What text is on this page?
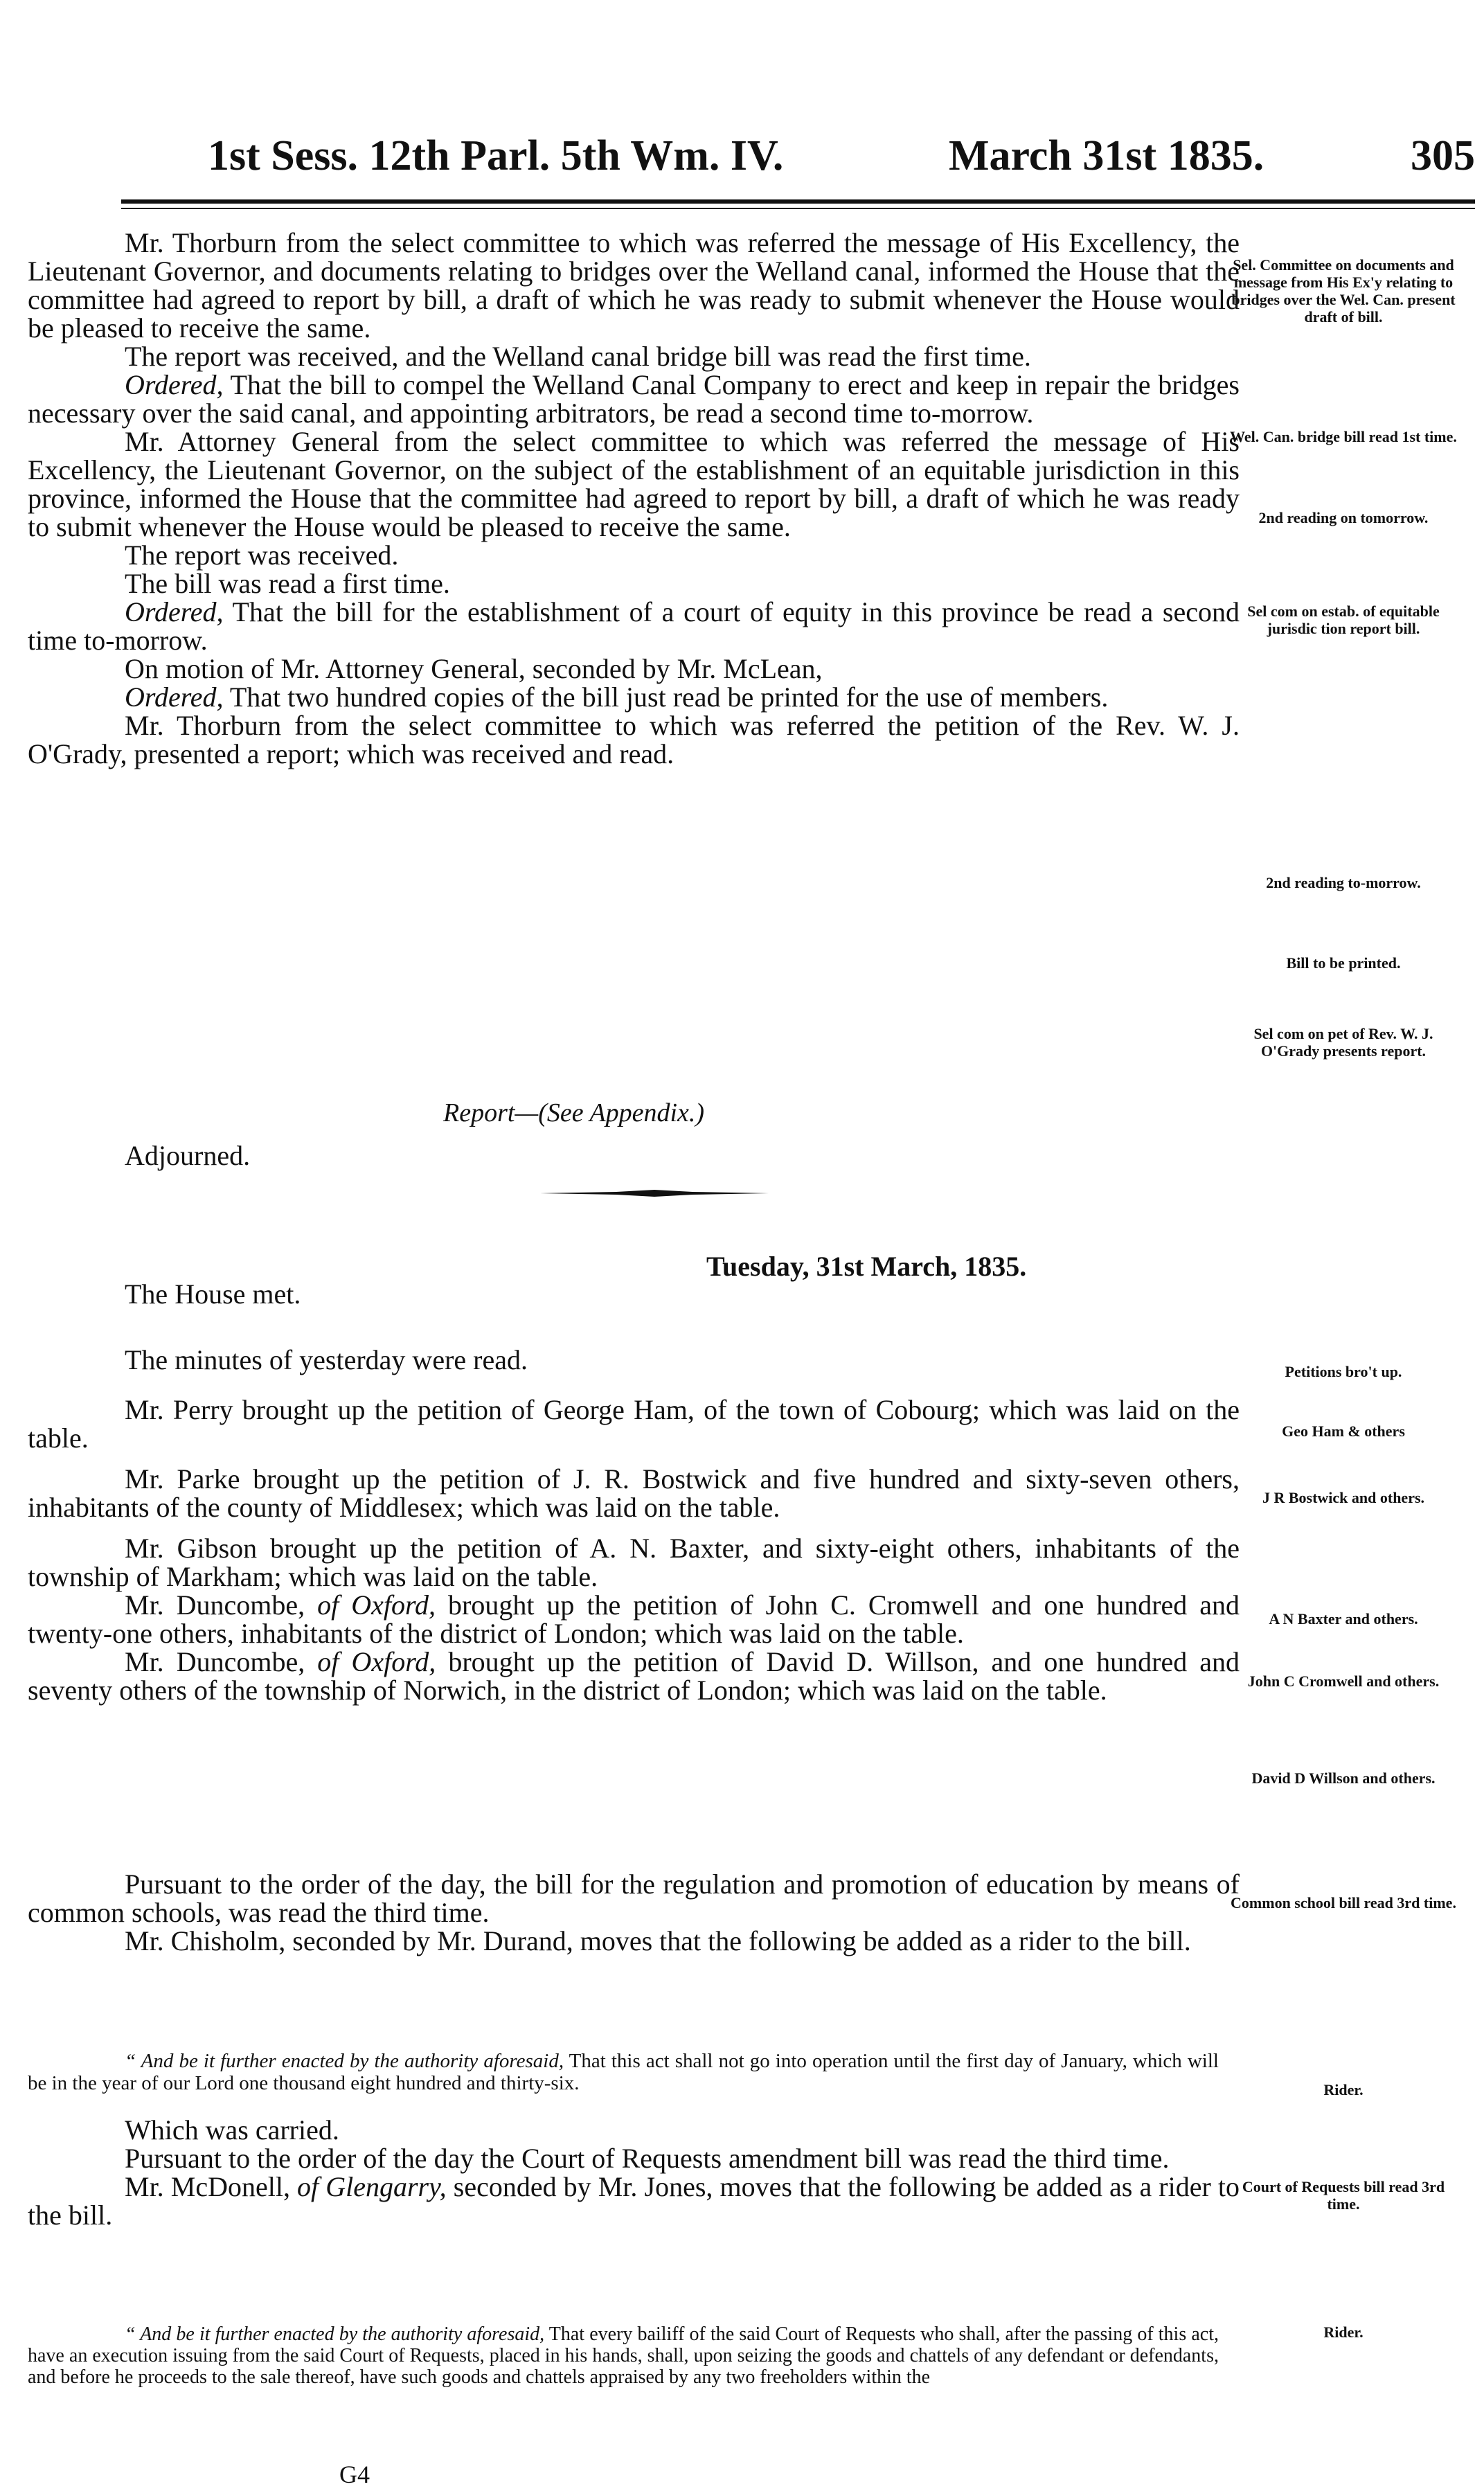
1st Sess. 12th Parl. 5th Wm. IV.	March 31st 1835.	305

Mr. Thorburn from the select committee to which was referred the message of His Excellency, the Lieutenant Governor, and documents relating to bridges over the Welland canal, informed the House that the committee had agreed to report by bill, a draft of which he was ready to submit whenever the House would be pleased to receive the same.

The report was received, and the Welland canal bridge bill was read the first time.

Ordered, That the bill to compel the Welland Canal Company to erect and keep in repair the bridges necessary over the said canal, and appointing arbitrators, be read a second time to-morrow.

Mr. Attorney General from the select committee to which was referred the message of His Excellency, the Lieutenant Governor, on the subject of the establishment of an equitable jurisdiction in this province, informed the House that the committee had agreed to report by bill, a draft of which he was ready to submit whenever the House would be pleased to receive the same.

The report was received.

The bill was read a first time.

Ordered, That the bill for the establishment of a court of equity in this province be read a second time to-morrow.

On motion of Mr. Attorney General, seconded by Mr. McLean,

Ordered, That two hundred copies of the bill just read be printed for the use of members.

Mr. Thorburn from the select committee to which was referred the petition of the Rev. W. J. O'Grady, presented a report; which was received and read.

Report—(See Appendix.)
Adjourned.
Tuesday, 31st March, 1835.
The House met.
The minutes of yesterday were read.

Mr. Perry brought up the petition of George Ham, of the town of Cobourg; which was laid on the table.

Mr. Parke brought up the petition of J. R. Bostwick and five hundred and sixty-seven others, inhabitants of the county of Middlesex; which was laid on the table.

Mr. Gibson brought up the petition of A. N. Baxter, and sixty-eight others, inhabitants of the township of Markham; which was laid on the table.

Mr. Duncombe, of Oxford, brought up the petition of John C. Cromwell and one hundred and twenty-one others, inhabitants of the district of London; which was laid on the table.

Mr. Duncombe, of Oxford, brought up the petition of David D. Willson, and one hundred and seventy others of the township of Norwich, in the district of London; which was laid on the table.

Pursuant to the order of the day, the bill for the regulation and promotion of education by means of common schools, was read the third time.

Mr. Chisholm, seconded by Mr. Durand, moves that the following be added as a rider to the bill.

“ And be it further enacted by the authority aforesaid, That this act shall not go into operation until the first day of January, which will be in the year of our Lord one thousand eight hundred and thirty-six.

Which was carried.

Pursuant to the order of the day the Court of Requests amendment bill was read the third time.

Mr. McDonell, of Glengarry, seconded by Mr. Jones, moves that the following be added as a rider to the bill.

“ And be it further enacted by the authority aforesaid, That every bailiff of the said Court of Requests who shall, after the passing of this act, have an execution issuing from the said Court of Requests, placed in his hands, shall, upon seizing the goods and chattels of any defendant or defendants, and before he proceeds to the sale thereof, have such goods and chattels appraised by any two freeholders within the

G4
Sel. Committee on documents and message from His Ex'y relating to bridges over the Wel. Can. present draft of bill.
Wel. Can. bridge bill read 1st time.
2nd reading on tomorrow.
Sel com on estab. of equitable jurisdic tion report bill.
2nd reading to-morrow.
Bill to be printed.
Sel com on pet of Rev. W. J. O'Grady presents report.
Petitions bro't up.
Geo Ham & others
J R Bostwick and others.
A N Baxter and others.
John C Cromwell and others.
David D Willson and others.
Common school bill read 3rd time.
Rider.
Court of Requests bill read 3rd time.
Rider.
